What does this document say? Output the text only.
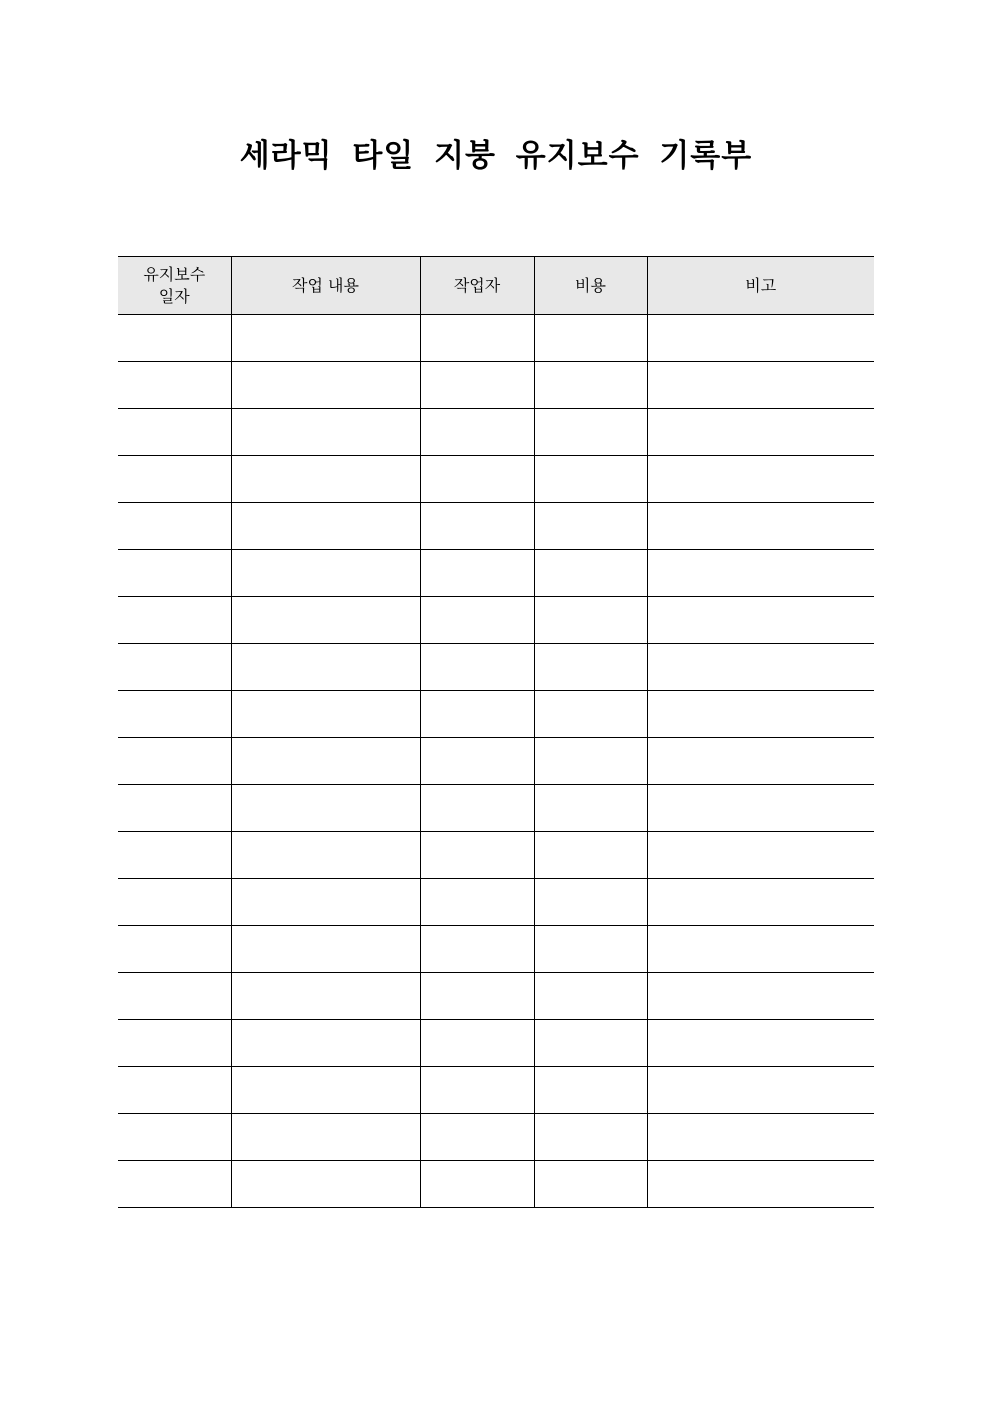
세라믹 타일 지붕 유지보수 기록부
유지보수
일자	작업 내용	작업자	비용	비고
